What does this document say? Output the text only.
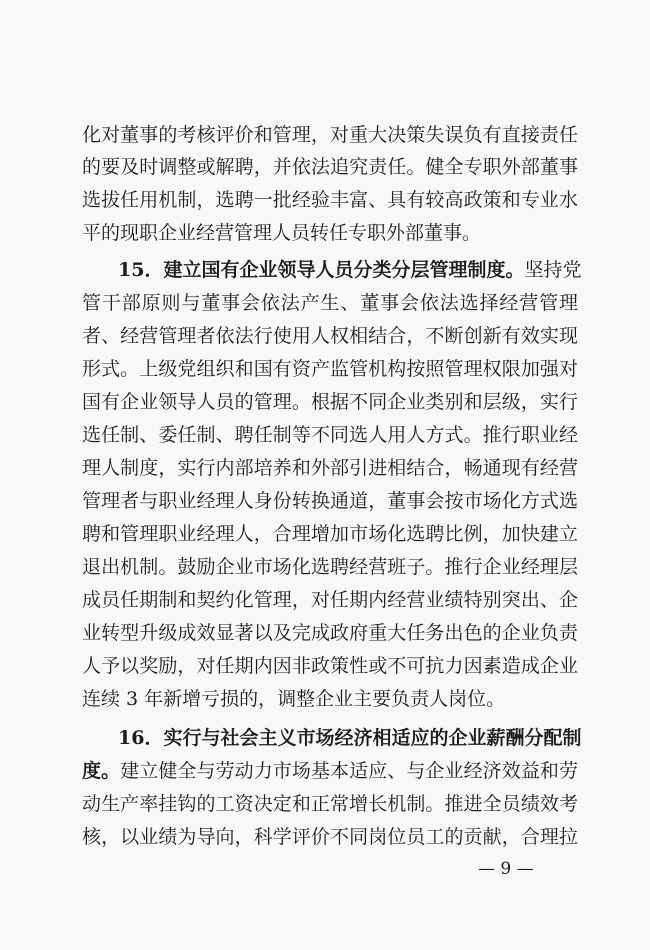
化对董事的考核评价和管理，对重大决策失误负有直接责任
的要及时调整或解聘，并依法追究责任。健全专职外部董事
选拔任用机制，选聘一批经验丰富、具有较高政策和专业水
平的现职企业经营管理人员转任专职外部董事。
15．建立国有企业领导人员分类分层管理制度。坚持党
管干部原则与董事会依法产生、董事会依法选择经营管理
者、经营管理者依法行使用人权相结合，不断创新有效实现
形式。上级党组织和国有资产监管机构按照管理权限加强对
国有企业领导人员的管理。根据不同企业类别和层级，实行
选任制、委任制、聘任制等不同选人用人方式。推行职业经
理人制度，实行内部培养和外部引进相结合，畅通现有经营
管理者与职业经理人身份转换通道，董事会按市场化方式选
聘和管理职业经理人，合理增加市场化选聘比例，加快建立
退出机制。鼓励企业市场化选聘经营班子。推行企业经理层
成员任期制和契约化管理，对任期内经营业绩特别突出、企
业转型升级成效显著以及完成政府重大任务出色的企业负责
人予以奖励，对任期内因非政策性或不可抗力因素造成企业
连续 3 年新增亏损的，调整企业主要负责人岗位。
16．实行与社会主义市场经济相适应的企业薪酬分配制
度。建立健全与劳动力市场基本适应、与企业经济效益和劳
动生产率挂钩的工资决定和正常增长机制。推进全员绩效考
核，以业绩为导向，科学评价不同岗位员工的贡献，合理拉
— 9 —
